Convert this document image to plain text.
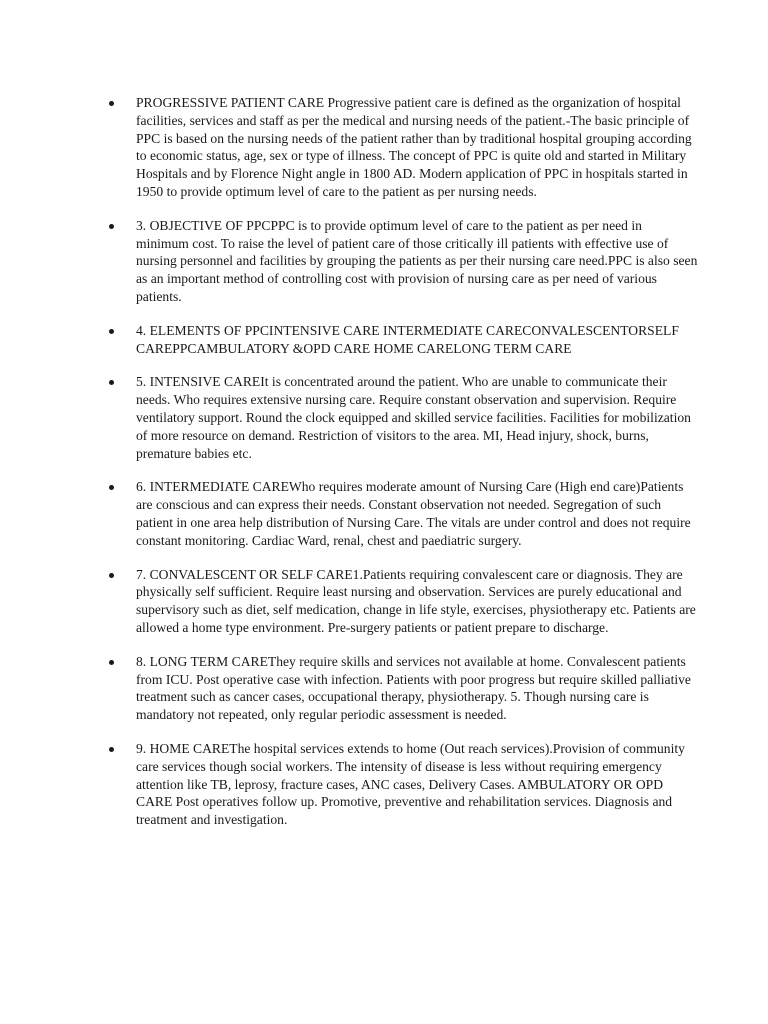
PROGRESSIVE PATIENT CARE Progressive patient care is defined as the organization of hospital facilities, services and staff as per the medical and nursing needs of the patient.-The basic principle of PPC is based on the nursing needs of the patient rather than by traditional hospital grouping according to economic status, age, sex or type of illness. The concept of PPC is quite old and started in Military Hospitals and by Florence Night angle in 1800 AD. Modern application of PPC in hospitals started in 1950 to provide optimum level of care to the patient as per nursing needs.
3. OBJECTIVE OF PPCPPC is to provide optimum level of care to the patient as per need in minimum cost. To raise the level of patient care of those critically ill patients with effective use of nursing personnel and facilities by grouping the patients as per their nursing care need.PPC is also seen as an important method of controlling cost with provision of nursing care as per need of various patients.
4. ELEMENTS OF PPCINTENSIVE CARE INTERMEDIATE CARECONVALESCENTORSELF CAREPPCAMBULATORY &OPD CARE HOME CARELONG TERM CARE
5. INTENSIVE CAREIt is concentrated around the patient. Who are unable to communicate their needs. Who requires extensive nursing care. Require constant observation and supervision. Require ventilatory support. Round the clock equipped and skilled service facilities. Facilities for mobilization of more resource on demand. Restriction of visitors to the area. MI, Head injury, shock, burns, premature babies etc.
6. INTERMEDIATE CAREWho requires moderate amount of Nursing Care (High end care)Patients are conscious and can express their needs. Constant observation not needed. Segregation of such patient in one area help distribution of Nursing Care. The vitals are under control and does not require constant monitoring. Cardiac Ward, renal, chest and paediatric surgery.
7. CONVALESCENT OR SELF CARE1.Patients requiring convalescent care or diagnosis. They are physically self sufficient. Require least nursing and observation. Services are purely educational and supervisory such as diet, self medication, change in life style, exercises, physiotherapy etc. Patients are allowed a home type environment. Pre-surgery patients or patient prepare to discharge.
8. LONG TERM CAREThey require skills and services not available at home. Convalescent patients from ICU. Post operative case with infection. Patients with poor progress but require skilled palliative treatment such as cancer cases, occupational therapy, physiotherapy. 5. Though nursing care is mandatory not repeated, only regular periodic assessment is needed.
9. HOME CAREThe hospital services extends to home (Out reach services).Provision of community care services though social workers. The intensity of disease is less without requiring emergency attention like TB, leprosy, fracture cases, ANC cases, Delivery Cases. AMBULATORY OR OPD CARE Post operatives follow up. Promotive, preventive and rehabilitation services. Diagnosis and treatment and investigation.
